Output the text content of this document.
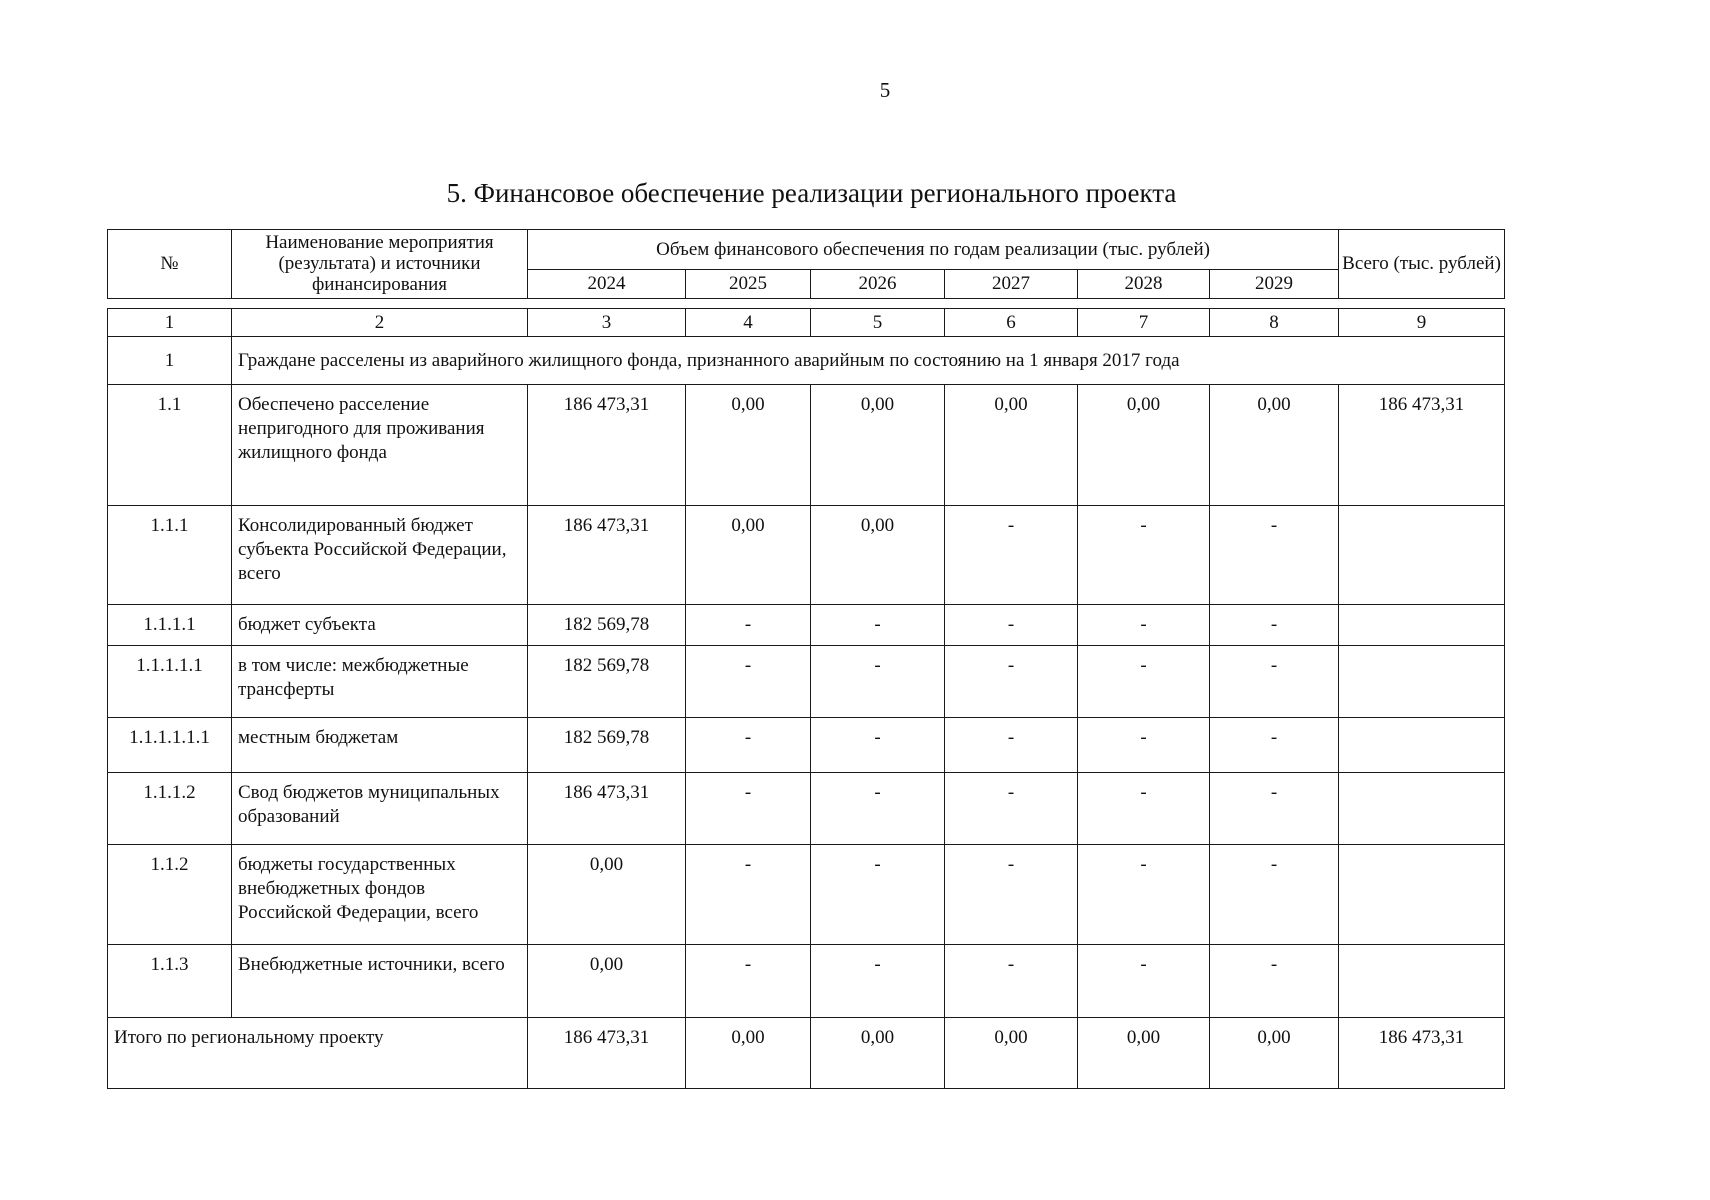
5
5. Финансовое обеспечение реализации регионального проекта
№	Наименование мероприятия (результата) и источники финансирования	Объем финансового обеспечения по годам реализации (тыс. рублей)						Всего (тыс. рублей)
		2024	2025	2026	2027	2028	2029	
1	2	3	4	5	6	7	8	9
1	Граждане расселены из аварийного жилищного фонда, признанного аварийным по состоянию на 1 января 2017 года							
1.1	Обеспечено расселение непригодного для проживания жилищного фонда	186 473,31	0,00	0,00	0,00	0,00	0,00	186 473,31
1.1.1	Консолидированный бюджет субъекта Российской Федерации, всего	186 473,31	0,00	0,00	-	-	-	
1.1.1.1	бюджет субъекта	182 569,78	-	-	-	-	-	
1.1.1.1.1	в том числе: межбюджетные трансферты	182 569,78	-	-	-	-	-	
1.1.1.1.1.1	местным бюджетам	182 569,78	-	-	-	-	-	
1.1.1.2	Свод бюджетов муниципальных образований	186 473,31	-	-	-	-	-	
1.1.2	бюджеты государственных внебюджетных фондов Российской Федерации, всего	0,00	-	-	-	-	-	
1.1.3	Внебюджетные источники, всего	0,00	-	-	-	-	-	
Итого по региональному проекту		186 473,31	0,00	0,00	0,00	0,00	0,00	186 473,31
